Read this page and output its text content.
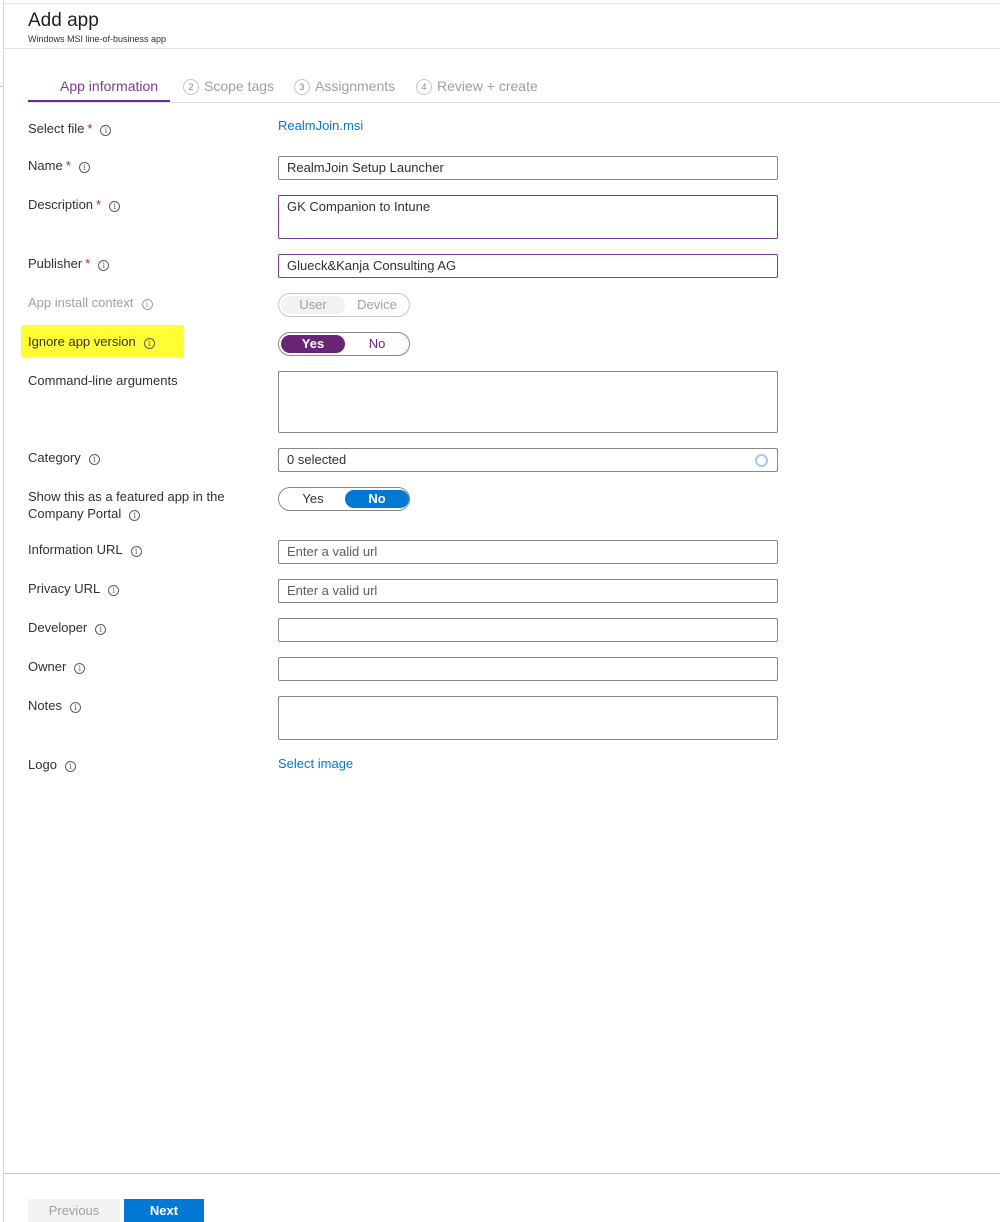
Add app
Windows MSI line-of-business app
App information	2 Scope tags	3 Assignments	4 Review + create
Select file * i	RealmJoin.msi
Name * i	RealmJoin Setup Launcher
Description * i	GK Companion to Intune
Publisher * i	Glueck&Kanja Consulting AG
App install context i	User	Device
Ignore app version i	Yes	No
Command-line arguments
Category i	0 selected
Show this as a featured app in the
Company Portal i
Yes	No
Information URL i	Enter a valid url
Privacy URL i	Enter a valid url
Developer i
Owner i
Notes i
Logo i	Select image
Previous	Next
